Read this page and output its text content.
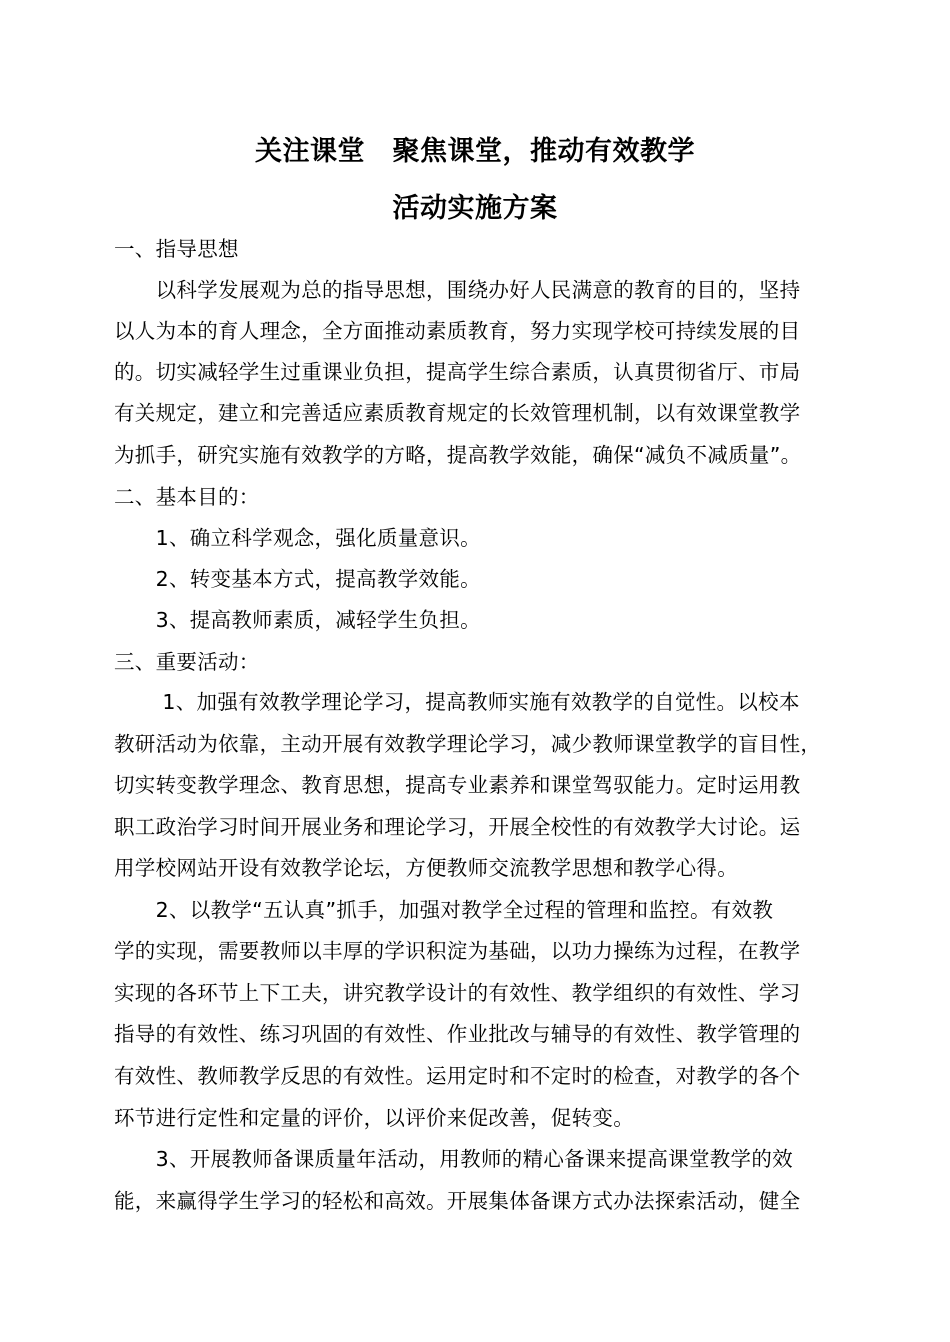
关注课堂　聚焦课堂，推动有效教学
活动实施方案
一、指导思想
　　以科学发展观为总的指导思想，围绕办好人民满意的教育的目的，坚持
以人为本的育人理念，全方面推动素质教育，努力实现学校可持续发展的目
的。切实减轻学生过重课业负担，提高学生综合素质，认真贯彻省厅、市局
有关规定，建立和完善适应素质教育规定的长效管理机制，以有效课堂教学
为抓手，研究实施有效教学的方略，提高教学效能，确保“减负不减质量”。
二、基本目的：
　　1、确立科学观念，强化质量意识。
　　2、转变基本方式，提高教学效能。
　　3、提高教师素质，减轻学生负担。
三、重要活动：
　　 1、加强有效教学理论学习，提高教师实施有效教学的自觉性。以校本
教研活动为依靠，主动开展有效教学理论学习，减少教师课堂教学的盲目性，
切实转变教学理念、教育思想，提高专业素养和课堂驾驭能力。定时运用教
职工政治学习时间开展业务和理论学习，开展全校性的有效教学大讨论。运
用学校网站开设有效教学论坛，方便教师交流教学思想和教学心得。
　　2、以教学“五认真”抓手，加强对教学全过程的管理和监控。有效教
学的实现，需要教师以丰厚的学识积淀为基础，以功力操练为过程，在教学
实现的各环节上下工夫，讲究教学设计的有效性、教学组织的有效性、学习
指导的有效性、练习巩固的有效性、作业批改与辅导的有效性、教学管理的
有效性、教师教学反思的有效性。运用定时和不定时的检查，对教学的各个
环节进行定性和定量的评价，以评价来促改善，促转变。
　　3、开展教师备课质量年活动，用教师的精心备课来提高课堂教学的效
能，来赢得学生学习的轻松和高效。开展集体备课方式办法探索活动，健全
